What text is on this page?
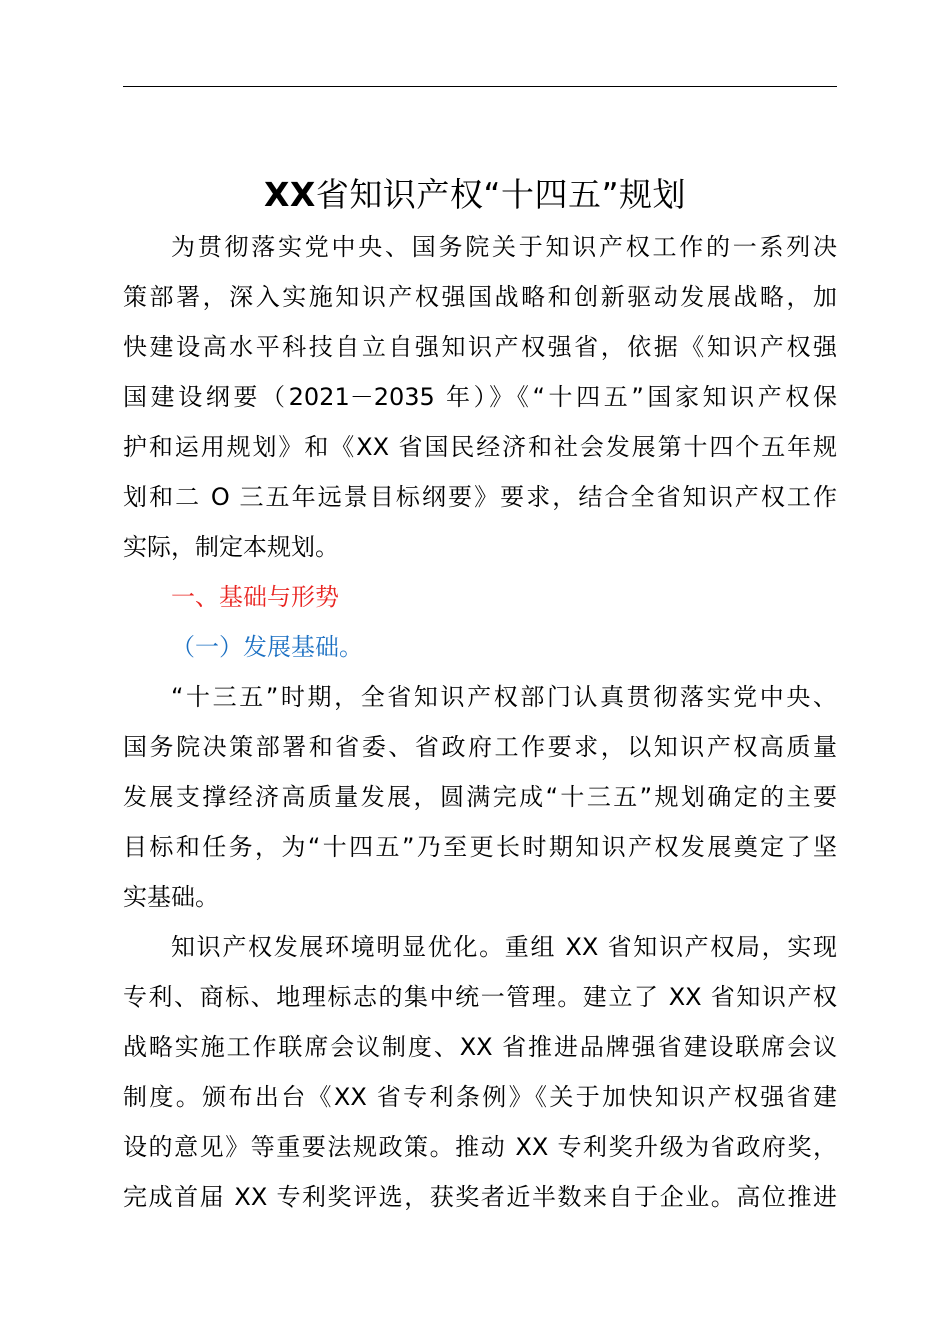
XX省知识产权“十四五”规划
为贯彻落实党中央、国务院关于知识产权工作的一系列决
策部署，深入实施知识产权强国战略和创新驱动发展战略，加
快建设高水平科技自立自强知识产权强省，依据《知识产权强
国建设纲要（2021－2035 年）》《“十四五”国家知识产权保
护和运用规划》和《XX 省国民经济和社会发展第十四个五年规
划和二 O 三五年远景目标纲要》要求，结合全省知识产权工作
实际，制定本规划。
一、基础与形势
（一）发展基础。
“十三五”时期，全省知识产权部门认真贯彻落实党中央、
国务院决策部署和省委、省政府工作要求，以知识产权高质量
发展支撑经济高质量发展，圆满完成“十三五”规划确定的主要
目标和任务，为“十四五”乃至更长时期知识产权发展奠定了坚
实基础。
知识产权发展环境明显优化。重组 XX 省知识产权局，实现
专利、商标、地理标志的集中统一管理。建立了 XX 省知识产权
战略实施工作联席会议制度、XX 省推进品牌强省建设联席会议
制度。颁布出台《XX 省专利条例》《关于加快知识产权强省建
设的意见》等重要法规政策。推动 XX 专利奖升级为省政府奖，
完成首届 XX 专利奖评选，获奖者近半数来自于企业。高位推进
